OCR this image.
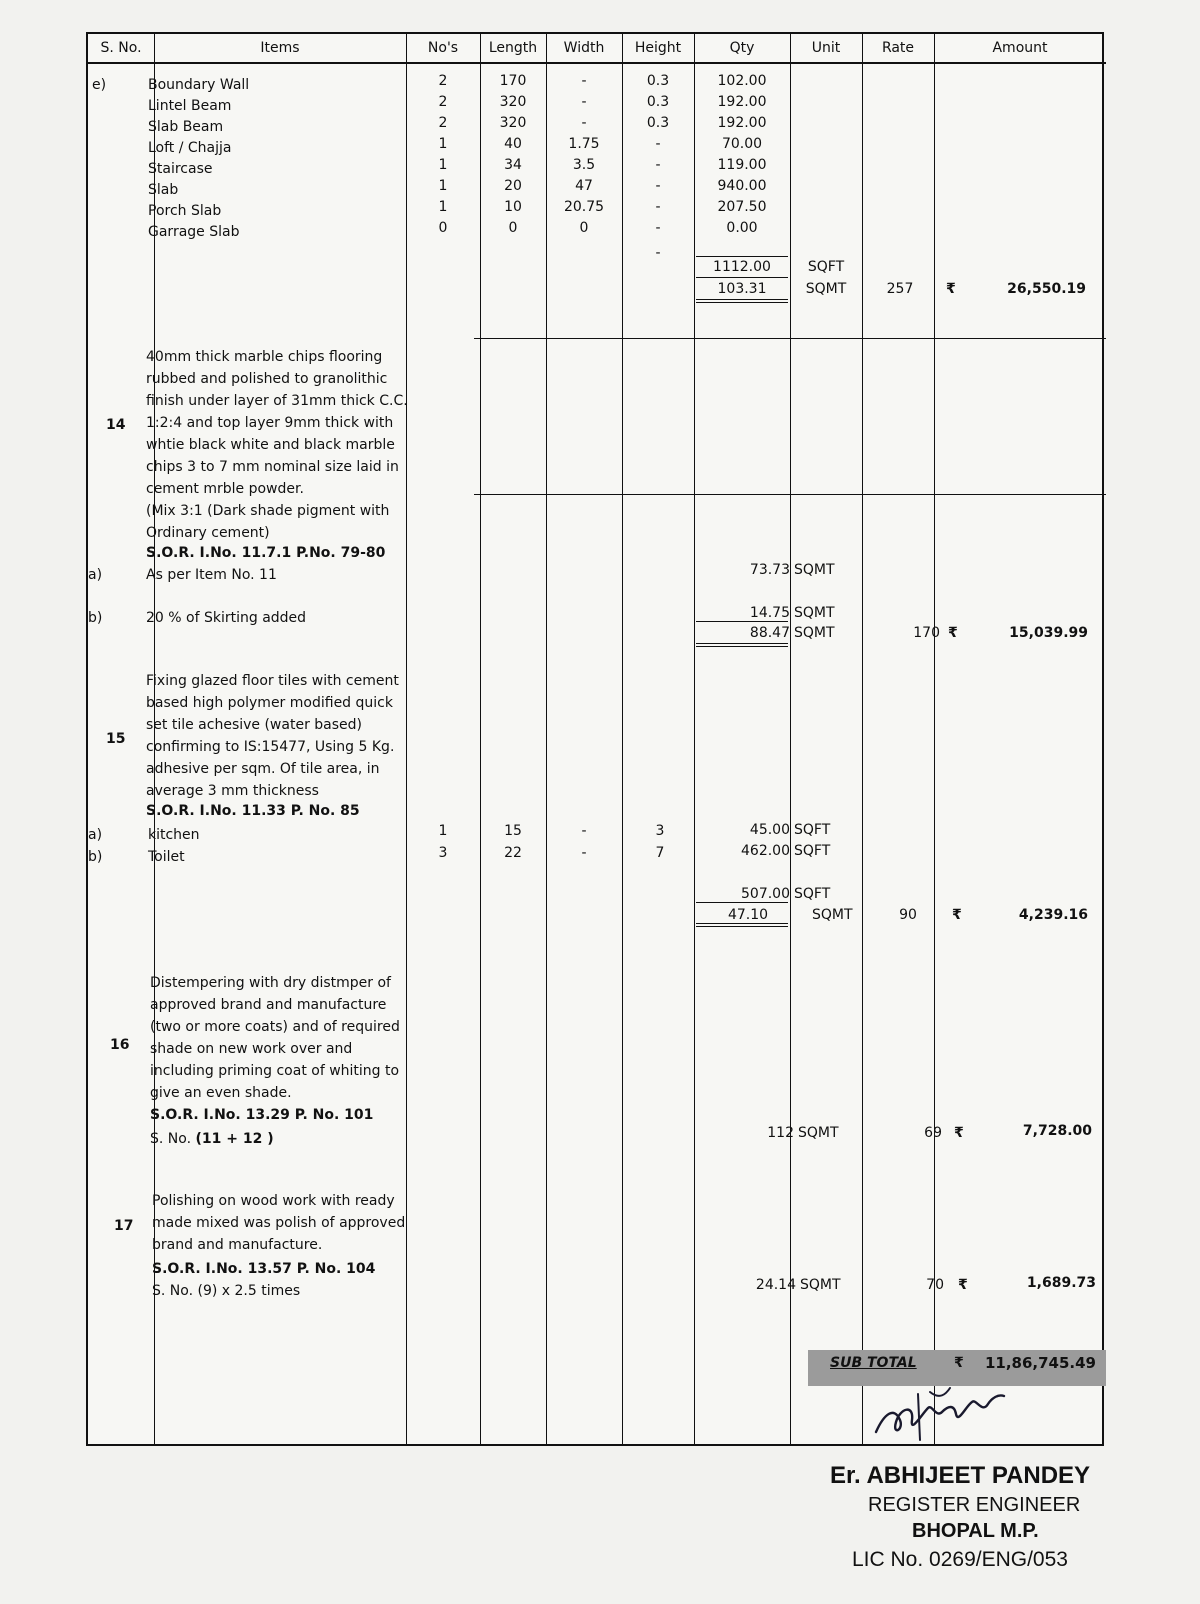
S. No.	Items	No's	Length	Width	Height	Qty	Unit	Rate	Amount
e)	Boundary Wall	2	170	-	0.3	102.00
Lintel Beam	2	320	-	0.3	192.00
Slab Beam	2	320	-	0.3	192.00
Loft / Chajja	1	40	1.75	-	70.00
Staircase	1	34	3.5	-	119.00
Slab	1	20	47	-	940.00
Porch Slab	1	10	20.75	-	207.50
Garrage Slab	0	0	0	-	0.00
-
1112.00	SQFT
103.31	SQMT	257	₹	26,550.19
14
40mm thick marble chips flooring
rubbed and polished to granolithic
finish under layer of 31mm thick C.C.
1:2:4 and top layer 9mm thick with
whtie black white and black marble
chips 3 to 7 mm nominal size laid in
cement mrble powder.
(Mix 3:1 (Dark shade pigment with
Ordinary cement)
S.O.R. I.No. 11.7.1 P.No. 79-80
a)	As per Item No. 11	73.73 SQMT
b)	20 % of Skirting added	14.75 SQMT
88.47 SQMT	170 ₹	15,039.99
15
Fixing glazed floor tiles with cement
based high polymer modified quick
set tile achesive (water based)
confirming to IS:15477, Using 5 Kg.
adhesive per sqm. Of tile area, in
average 3 mm thickness
S.O.R. I.No. 11.33 P. No. 85
a)	kitchen	1	15	-	3	45.00 SQFT
b)	Toilet	3	22	-	7	462.00 SQFT
507.00 SQFT
47.10	SQMT	90	₹	4,239.16
16
Distempering with dry distmper of
approved brand and manufacture
(two or more coats) and of required
shade on new work over and
including priming coat of whiting to
give an even shade.
S.O.R. I.No. 13.29 P. No. 101
S. No. (11 + 12 )	112 SQMT	69 ₹	7,728.00
17
Polishing on wood work with ready
made mixed was polish of approved
brand and manufacture.
S.O.R. I.No. 13.57 P. No. 104
S. No. (9) x 2.5 times	24.14 SQMT	70 ₹	1,689.73
SUB TOTAL	₹	11,86,745.49
Er. ABHIJEET PANDEY
REGISTER ENGINEER
BHOPAL M.P.
LIC No. 0269/ENG/053
